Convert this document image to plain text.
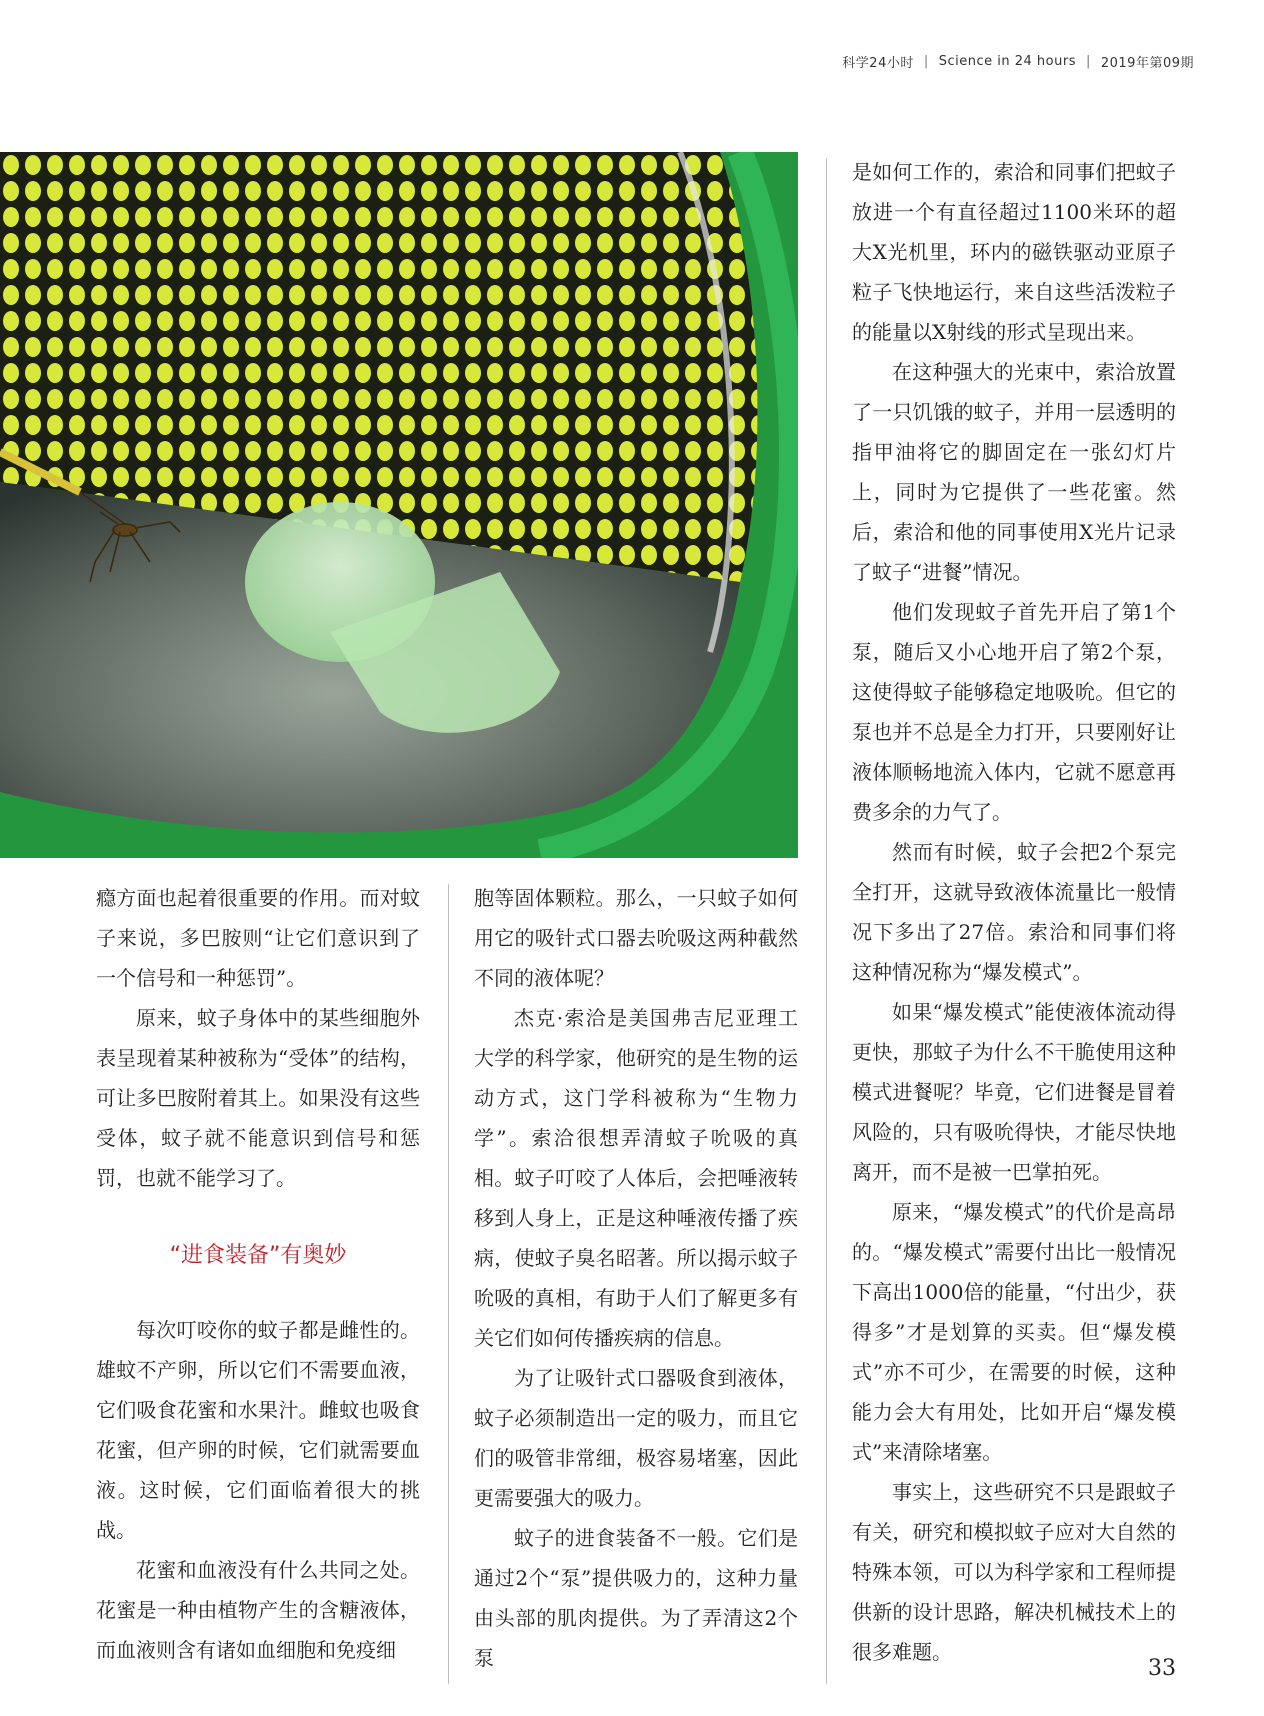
科学24小时 | Science in 24 hours | 2019年第09期

瘾方面也起着很重要的作用。而对蚊子来说，多巴胺则“让它们意识到了一个信号和一种惩罚”。

原来，蚊子身体中的某些细胞外表呈现着某种被称为“受体”的结构，可让多巴胺附着其上。如果没有这些受体，蚊子就不能意识到信号和惩罚，也就不能学习了。

“进食装备”有奥妙

每次叮咬你的蚊子都是雌性的。雄蚊不产卵，所以它们不需要血液，它们吸食花蜜和水果汁。雌蚊也吸食花蜜，但产卵的时候，它们就需要血液。这时候，它们面临着很大的挑战。

花蜜和血液没有什么共同之处。花蜜是一种由植物产生的含糖液体，而血液则含有诸如血细胞和免疫细

胞等固体颗粒。那么，一只蚊子如何用它的吸针式口器去吮吸这两种截然不同的液体呢？

杰克·索洽是美国弗吉尼亚理工大学的科学家，他研究的是生物的运动方式，这门学科被称为“生物力学”。索洽很想弄清蚊子吮吸的真相。蚊子叮咬了人体后，会把唾液转移到人身上，正是这种唾液传播了疾病，使蚊子臭名昭著。所以揭示蚊子吮吸的真相，有助于人们了解更多有关它们如何传播疾病的信息。

为了让吸针式口器吸食到液体，蚊子必须制造出一定的吸力，而且它们的吸管非常细，极容易堵塞，因此更需要强大的吸力。

蚊子的进食装备不一般。它们是通过2个“泵”提供吸力的，这种力量由头部的肌肉提供。为了弄清这2个泵

是如何工作的，索洽和同事们把蚊子放进一个有直径超过1100米环的超大X光机里，环内的磁铁驱动亚原子粒子飞快地运行，来自这些活泼粒子的能量以X射线的形式呈现出来。

在这种强大的光束中，索洽放置了一只饥饿的蚊子，并用一层透明的指甲油将它的脚固定在一张幻灯片上，同时为它提供了一些花蜜。然后，索洽和他的同事使用X光片记录了蚊子“进餐”情况。

他们发现蚊子首先开启了第1个泵，随后又小心地开启了第2个泵，这使得蚊子能够稳定地吸吮。但它的泵也并不总是全力打开，只要刚好让液体顺畅地流入体内，它就不愿意再费多余的力气了。

然而有时候，蚊子会把2个泵完全打开，这就导致液体流量比一般情况下多出了27倍。索洽和同事们将这种情况称为“爆发模式”。

如果“爆发模式”能使液体流动得更快，那蚊子为什么不干脆使用这种模式进餐呢？毕竟，它们进餐是冒着风险的，只有吸吮得快，才能尽快地离开，而不是被一巴掌拍死。

原来，“爆发模式”的代价是高昂的。“爆发模式”需要付出比一般情况下高出1000倍的能量，“付出少，获得多”才是划算的买卖。但“爆发模式”亦不可少，在需要的时候，这种能力会大有用处，比如开启“爆发模式”来清除堵塞。

事实上，这些研究不只是跟蚊子有关，研究和模拟蚊子应对大自然的特殊本领，可以为科学家和工程师提供新的设计思路，解决机械技术上的很多难题。

33
